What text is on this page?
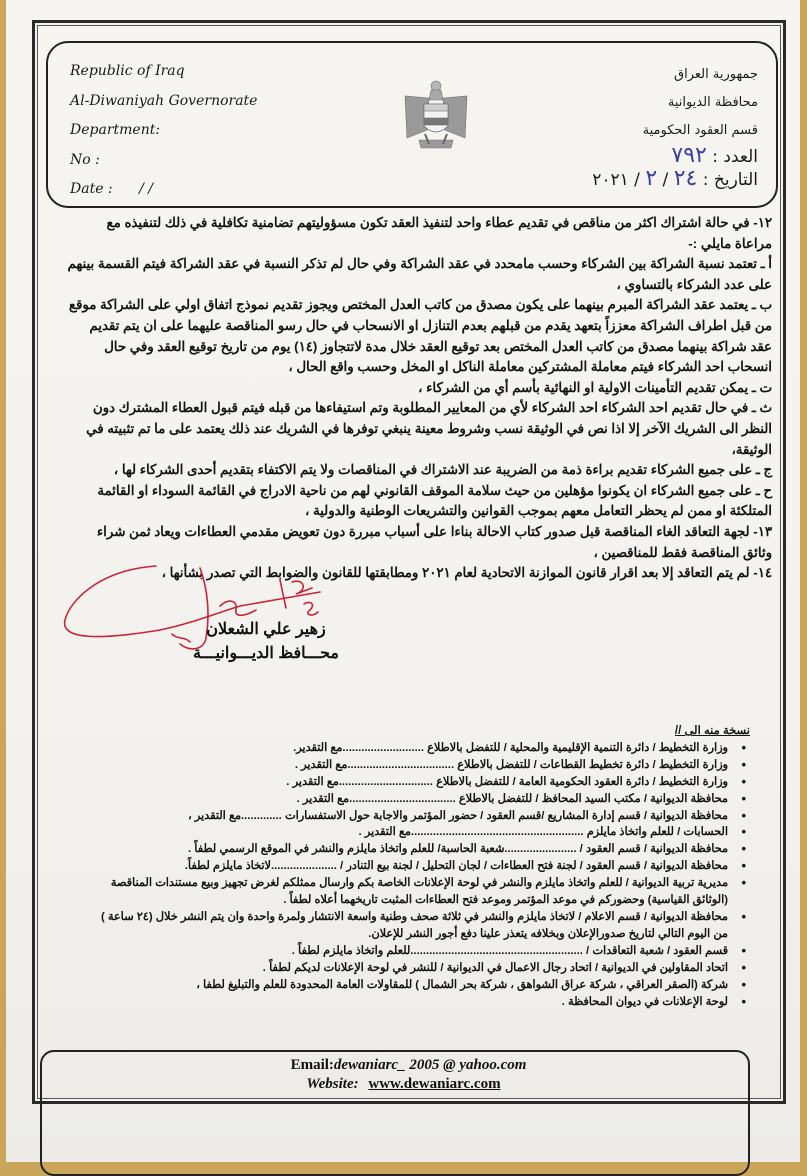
Republic of Iraq
Al-Diwaniyah Governorate
Department:
No :
Date : / /
جمهورية العراق
محافظة الديوانية
قسم العقود الحكومية
العدد : ٧٩٢
التاريخ : ٢٤ / ٢ / ٢٠٢١

١٢- في حالة اشتراك اكثر من مناقص في تقديم عطاء واحد لتنفيذ العقد تكون مسؤوليتهم تضامنية تكافلية في ذلك لتنفيذه مع مراعاة مايلي :-

أ ـ تعتمد نسبة الشراكة بين الشركاء وحسب مامحدد في عقد الشراكة وفي حال لم تذكر النسبة في عقد الشراكة فيتم القسمة بينهم على عدد الشركاء بالتساوي ،

ب ـ يعتمد عقد الشراكة المبرم بينهما على يكون مصدق من كاتب العدل المختص ويجوز تقديم نموذج اتفاق اولي على الشراكة موقع من قبل اطراف الشراكة معززاً بتعهد يقدم من قبلهم بعدم التنازل او الانسحاب في حال رسو المناقصة عليهما على ان يتم تقديم عقد شراكة بينهما مصدق من كاتب العدل المختص بعد توقيع العقد خلال مدة لاتتجاوز (١٤) يوم من تاريخ توقيع العقد وفي حال انسحاب احد الشركاء فيتم معاملة المشتركين معاملة الناكل او المخل وحسب واقع الحال ،

ت ـ يمكن تقديم التأمينات الاولية او النهائية بأسم أي من الشركاء ،

ث ـ في حال تقديم احد الشركاء احد الشركاء لأي من المعايير المطلوبة وتم استيفاءها من قبله فيتم قبول العطاء المشترك دون النظر الى الشريك الآخر إلا اذا نص في الوثيقة نسب وشروط معينة ينبغي توفرها في الشريك عند ذلك يعتمد على ما تم تثبيته في الوثيقة،

ج ـ على جميع الشركاء تقديم براءة ذمة من الضريبة عند الاشتراك في المناقصات ولا يتم الاكتفاء بتقديم أحدى الشركاء لها ،

ح ـ على جميع الشركاء ان يكونوا مؤهلين من حيث سلامة الموقف القانوني لهم من ناحية الادراج في القائمة السوداء او القائمة المتلكئة او ممن لم يحظر التعامل معهم بموجب القوانين والتشريعات الوطنية والدولية ،

١٣- لجهة التعاقد الغاء المناقصة قبل صدور كتاب الاحالة بناءا على أسباب مبررة دون تعويض مقدمي العطاءات ويعاد ثمن شراء وثائق المناقصة فقط للمناقصين ،

١٤- لم يتم التعاقد إلا بعد اقرار قانون الموازنة الاتحادية لعام ٢٠٢١ ومطابقتها للقانون والضوابط التي تصدر بشأنها ،

زهير علي الشعلان
محـــافظ الديـــوانيـــة
نسخة منه الى //
• وزارة التخطيط / دائرة التنمية الإقليمية والمحلية / للتفضل بالاطلاع ..........................مع التقدير.
• وزارة التخطيط / دائرة تخطيط القطاعات / للتفضل بالاطلاع ..................................مع التقدير .
• وزارة التخطيط / دائرة العقود الحكومية العامة / للتفضل بالاطلاع ..............................مع التقدير .
• محافظة الديوانية / مكتب السيد المحافظ / للتفضل بالاطلاع ..................................مع التقدير .
• محافظة الديوانية / قسم إدارة المشاريع /قسم العقود / حضور المؤتمر والاجابة حول الاستفسارات .............مع التقدير ،
• الحسابات / للعلم واتخاذ مايلزم .......................................................مع التقدير .
• محافظة الديوانية / قسم العقود / .......................شعبة الحاسبة/ للعلم واتخاذ مايلزم والنشر في الموقع الرسمي لطفاً .
• محافظة الديوانية / قسم العقود / لجنة فتح العطاءات / لجان التحليل / لجنة بيع التنادر / .....................لاتخاذ مايلزم لطفاً.
• مديرية تربية الديوانية / للعلم واتخاذ مايلزم والنشر في لوحة الإعلانات الخاصة بكم وارسال ممثلكم لغرض تجهيز وبيع مستندات المناقصة (الوثائق القياسية) وحضوركم في موعد المؤتمر وموعد فتح العطاءات المثبت تاريخهما أعلاه لطفاً .
• محافظة الديوانية / قسم الاعلام / لاتخاذ مايلزم والنشر في ثلاثة صحف وطنية واسعة الانتشار ولمرة واحدة وان يتم النشر خلال (٢٤ ساعة ) من اليوم التالي لتاريخ صدورالإعلان وبخلافه يتعذر علينا دفع أجور النشر للإعلان.
• قسم العقود / شعبة التعاقدات / .......................................................للعلم واتخاذ مايلزم لطفاً .
• اتحاد المقاولين في الديوانية / اتحاد رجال الاعمال في الديوانية / للنشر في لوحة الإعلانات لديكم لطفاً .
• شركة (الصقر العراقي ، شركة عراق الشواهق ، شركة بحر الشمال ) للمقاولات العامة المحدودة للعلم والتبليغ لطفا ،
• لوحة الإعلانات في ديوان المحافظة .
Email:dewaniarc_ 2005 @ yahoo.com
Website: www.dewaniarc.com
